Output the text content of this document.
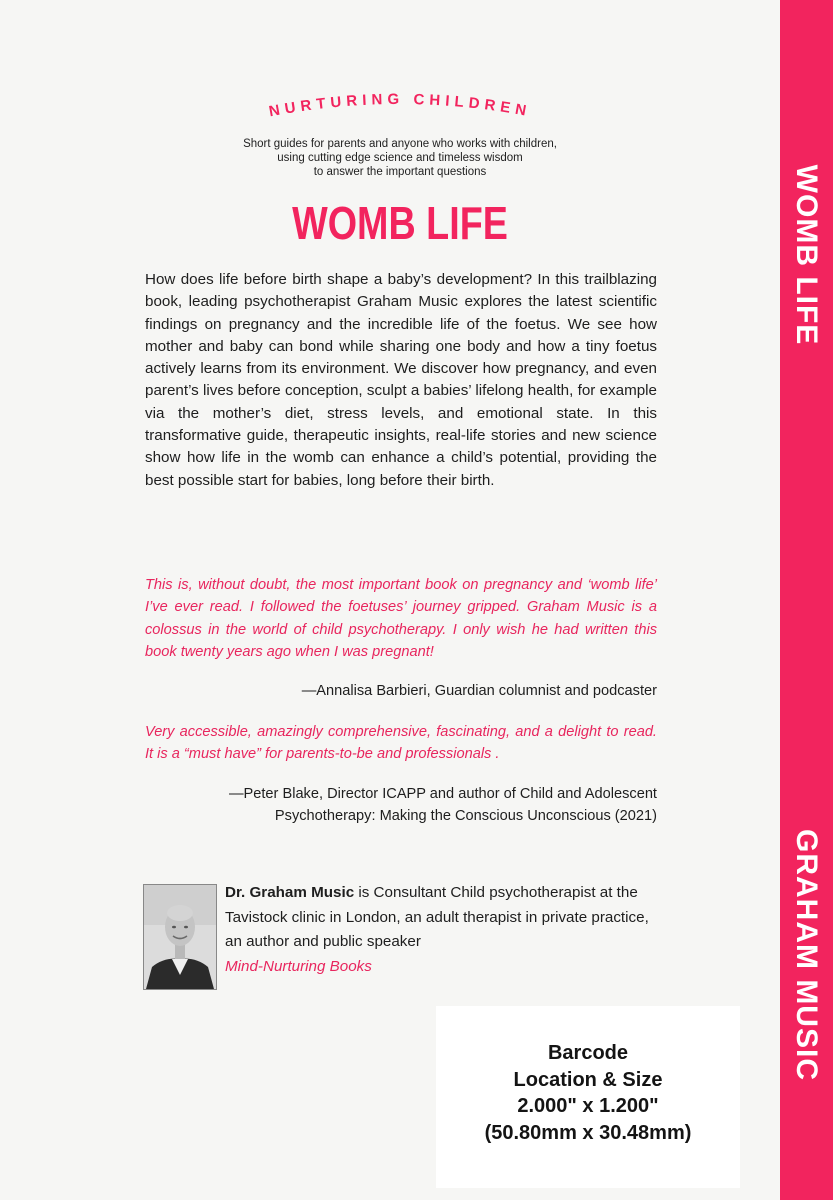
WOMB LIFE
GRAHAM MUSIC
NURTURING CHILDREN
Short guides for parents and anyone who works with children,
using cutting edge science and timeless wisdom
to answer the important questions
WOMB LIFE
How does life before birth shape a baby’s development? In this trailblazing book, leading psychotherapist Graham Music explores the latest scientific findings on pregnancy and the incredible life of the foetus. We see how mother and baby can bond while sharing one body and how a tiny foetus actively learns from its environment. We discover how pregnancy, and even parent’s lives before conception, sculpt a babies’ lifelong health, for example via the mother’s diet, stress levels, and emotional state. In this transformative guide, therapeutic insights, real-life stories and new science show how life in the womb can enhance a child’s potential, providing the best possible start for babies, long before their birth.
This is, without doubt, the most important book on pregnancy and ‘womb life’ I’ve ever read. I followed the foetuses’ journey gripped. Graham Music is a colossus in the world of child psychotherapy. I only wish he had written this book twenty years ago when I was pregnant!
—Annalisa Barbieri, Guardian columnist and podcaster
Very accessible, amazingly comprehensive, fascinating, and a delight to read. It is a “must have” for parents-to-be and professionals .
—Peter Blake, Director ICAPP and author of Child and Adolescent
Psychotherapy: Making the Conscious Unconscious (2021)
Dr. Graham Music is Consultant Child psychotherapist at the Tavistock clinic in London, an adult therapist in private practice, an author and public speaker
Mind-Nurturing Books
Barcode
Location & Size
2.000" x 1.200"
(50.80mm x 30.48mm)
